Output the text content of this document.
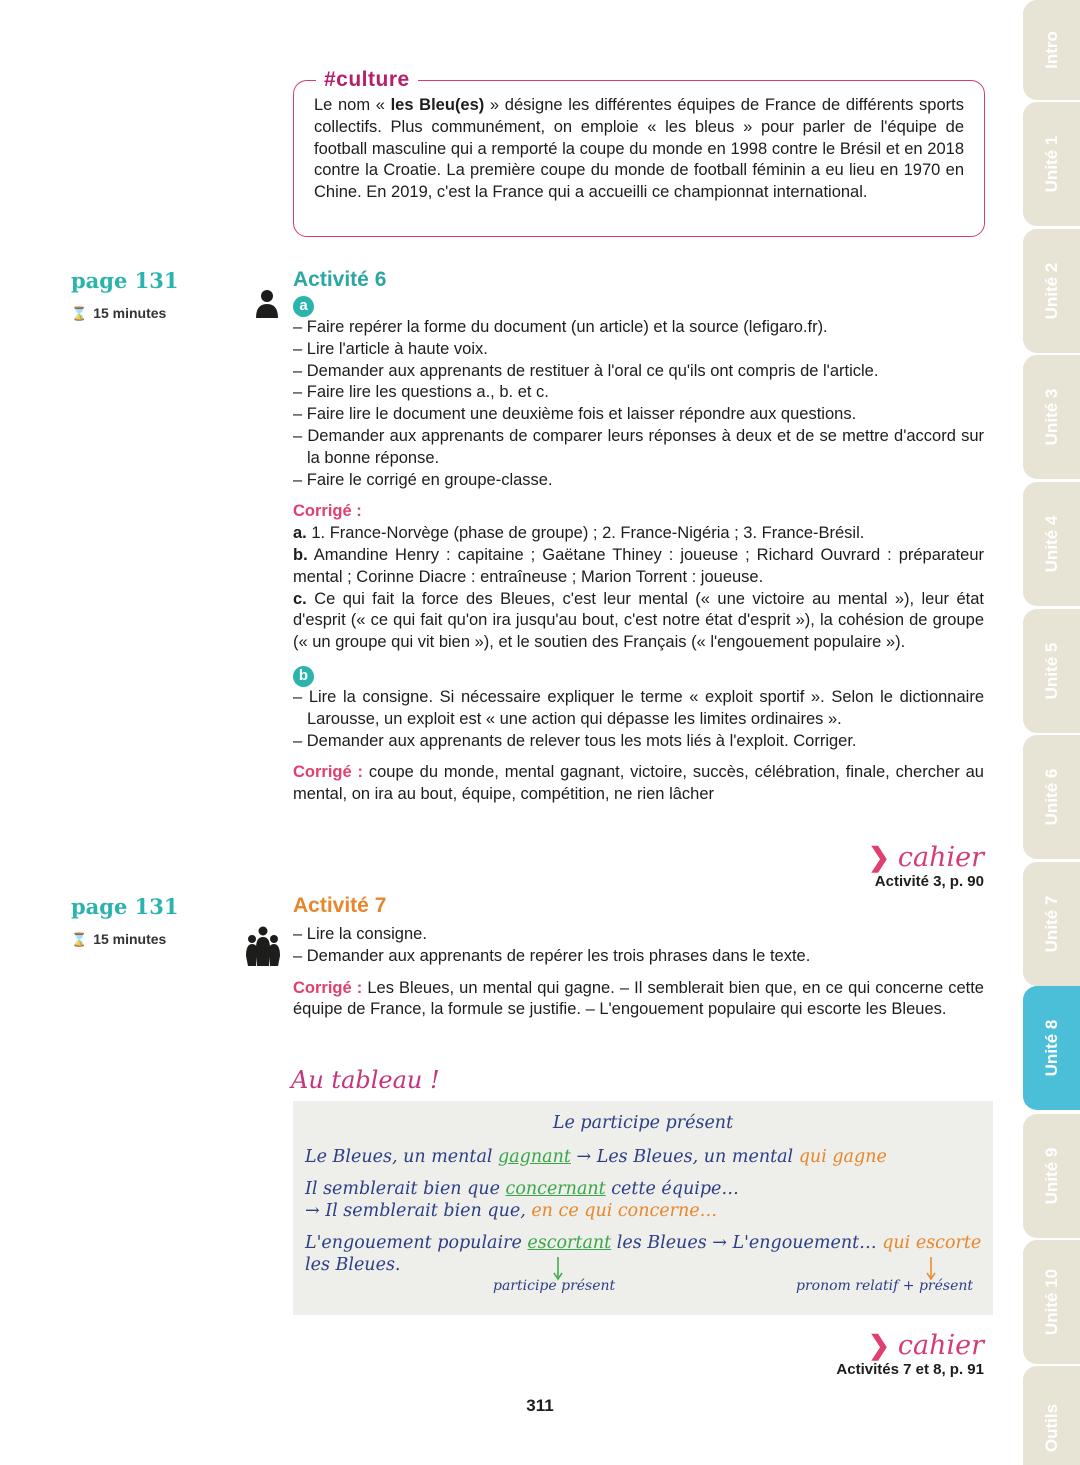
#culture

Le nom « les Bleu(es) » désigne les différentes équipes de France de différents sports collectifs. Plus communément, on emploie « les bleus » pour parler de l'équipe de football masculine qui a remporté la coupe du monde en 1998 contre le Brésil et en 2018 contre la Croatie. La première coupe du monde de football féminin a eu lieu en 1970 en Chine. En 2019, c'est la France qui a accueilli ce championnat international.

page 131
⌛ 15 minutes
Activité 6
a
– Faire repérer la forme du document (un article) et la source (lefigaro.fr).
– Lire l'article à haute voix.
– Demander aux apprenants de restituer à l'oral ce qu'ils ont compris de l'article.
– Faire lire les questions a., b. et c.
– Faire lire le document une deuxième fois et laisser répondre aux questions.
– Demander aux apprenants de comparer leurs réponses à deux et de se mettre d'accord sur la bonne réponse.
– Faire le corrigé en groupe-classe.
Corrigé :

a. 1. France-Norvège (phase de groupe) ; 2. France-Nigéria ; 3. France-Brésil.

b. Amandine Henry : capitaine ; Gaëtane Thiney : joueuse ; Richard Ouvrard : préparateur mental ; Corinne Diacre : entraîneuse ; Marion Torrent : joueuse.

c. Ce qui fait la force des Bleues, c'est leur mental (« une victoire au mental »), leur état d'esprit (« ce qui fait qu'on ira jusqu'au bout, c'est notre état d'esprit »), la cohésion de groupe (« un groupe qui vit bien »), et le soutien des Français (« l'engouement populaire »).

b
– Lire la consigne. Si nécessaire expliquer le terme « exploit sportif ». Selon le dictionnaire Larousse, un exploit est « une action qui dépasse les limites ordinaires ».
– Demander aux apprenants de relever tous les mots liés à l'exploit. Corriger.

Corrigé : coupe du monde, mental gagnant, victoire, succès, célébration, finale, chercher au mental, on ira au bout, équipe, compétition, ne rien lâcher

❯ cahier
Activité 3, p. 90
page 131
⌛ 15 minutes
Activité 7
– Lire la consigne.
– Demander aux apprenants de repérer les trois phrases dans le texte.

Corrigé : Les Bleues, un mental qui gagne. – Il semblerait bien que, en ce qui concerne cette équipe de France, la formule se justifie. – L'engouement populaire qui escorte les Bleues.

Au tableau !
Le participe présent
Le Bleues, un mental gagnant → Les Bleues, un mental qui gagne
Il semblerait bien que concernant cette équipe…
→ Il semblerait bien que, en ce qui concerne…
L'engouement populaire escortant les Bleues → L'engouement… qui escorte
les Bleues.
participe présent	pronom relatif + présent
❯ cahier
Activités 7 et 8, p. 91
311
Intro
Unité 1
Unité 2
Unité 3
Unité 4
Unité 5
Unité 6
Unité 7
Unité 8
Unité 9
Unité 10
Outils
